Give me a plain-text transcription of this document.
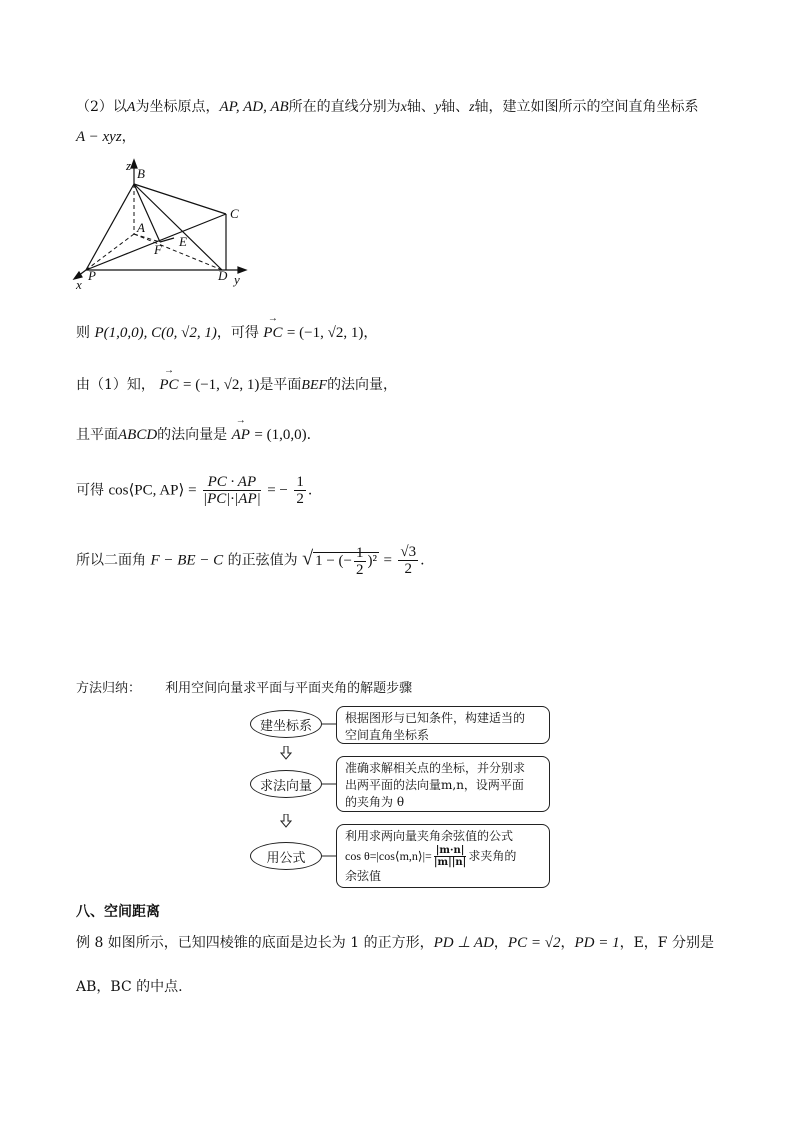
（2）以A为坐标原点，AP, AD, AB所在的直线分别为x轴、y轴、z轴，建立如图所示的空间直角坐标系
A − xyz，
z
B
C
A
E
F
P	D
x	y
则 P(1,0,0), C(0, √2, 1)，可得 → PC = (−1, √2, 1)，
由（1）知， → PC = (−1, √2, 1)是平面BEF的法向量，
且平面ABCD的法向量是 → AP = (1,0,0).
可得 cos⟨PC, AP⟩ = $\frac{PC \cdot AP}{|PC|\cdot|AP|}$ = − $\frac{1}{2}$ .
所以二面角 F − BE − C 的正弦值为 √ 1 − (− $\frac{1}{2} )^2 = \frac{√3}{2}$ .
方法归纳： 利用空间向量求平面与平面夹角的解题步骤
建坐标系
根据图形与已知条件，构建适当的
空间直角坐标系
求法向量
准确求解相关点的坐标，并分别求
出两平面的法向量m,n，设两平面
的夹角为 θ
用公式
利用求两向量夹角余弦值的公式
cos θ=|cos⟨m,n⟩|= $\frac{|m\cdot n|}{|m||n|}$ 求夹角的
余弦值
八、空间距离
例 8 如图所示，已知四棱锥的底面是边长为 1 的正方形，PD ⊥ AD，PC = √2，PD = 1，E，F 分别是
AB，BC 的中点.
